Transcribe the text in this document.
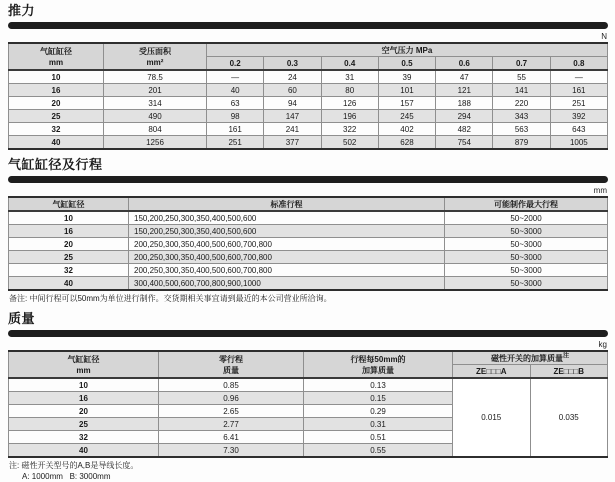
推力
N
气缸缸径
mm	受压面积
mm²	空气压力 MPa						
		0.2	0.3	0.4	0.5	0.6	0.7	0.8
10	78.5	—	24	31	39	47	55	—
16	201	40	60	80	101	121	141	161
20	314	63	94	126	157	188	220	251
25	490	98	147	196	245	294	343	392
32	804	161	241	322	402	482	563	643
40	1256	251	377	502	628	754	879	1005
气缸缸径及行程
mm
气缸缸径	标准行程	可能制作最大行程
10	150,200,250,300,350,400,500,600	50~2000
16	150,200,250,300,350,400,500,600	50~3000
20	200,250,300,350,400,500,600,700,800	50~3000
25	200,250,300,350,400,500,600,700,800	50~3000
32	200,250,300,350,400,500,600,700,800	50~3000
40	300,400,500,600,700,800,900,1000	50~3000
备注: 中间行程可以50mm为单位进行制作。交货期相关事宜请到最近的本公司营业所洽询。
质量
kg
气缸缸径
mm	零行程
质量	行程每50mm的
加算质量	磁性开关的加算质量$^注$
			ZE□□□A	ZE□□□B
10	0.85	0.13	0.015	0.035
16	0.96	0.15		
20	2.65	0.29		
25	2.77	0.31		
32	6.41	0.51		
40	7.30	0.55		
注: 磁性开关型号的A,B是导线长度。
A: 1000mm   B: 3000mm
